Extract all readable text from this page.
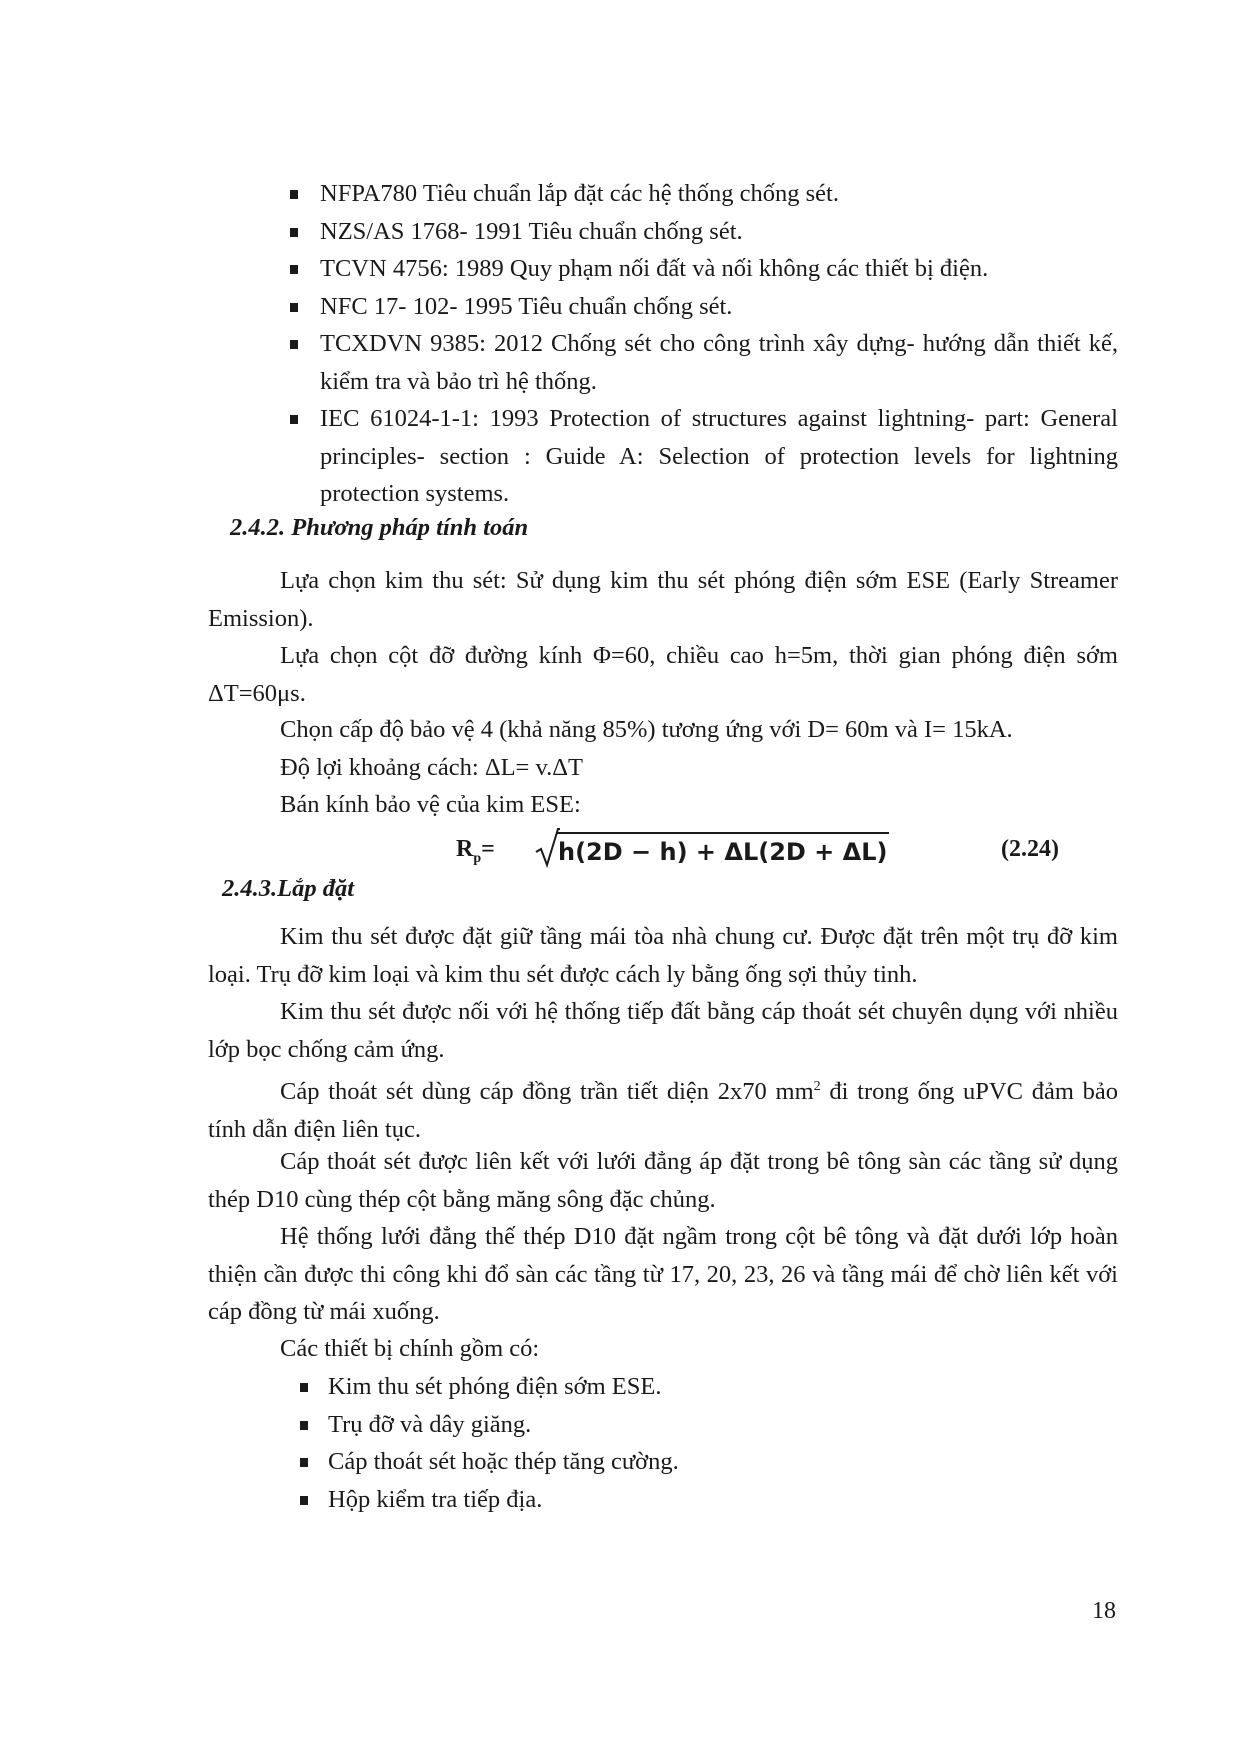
NFPA780 Tiêu chuẩn lắp đặt các hệ thống chống sét.
NZS/AS 1768- 1991 Tiêu chuẩn chống sét.
TCVN 4756: 1989 Quy phạm nối đất và nối không các thiết bị điện.
NFC 17- 102- 1995 Tiêu chuẩn chống sét.
TCXDVN 9385: 2012 Chống sét cho công trình xây dựng- hướng dẫn thiết kế, kiểm tra và bảo trì hệ thống.
IEC 61024-1-1: 1993 Protection of structures against lightning- part: General principles- section : Guide A: Selection of protection levels for lightning protection systems.
2.4.2. Phương pháp tính toán
Lựa chọn kim thu sét: Sử dụng kim thu sét phóng điện sớm ESE (Early Streamer Emission).
Lựa chọn cột đỡ đường kính Φ=60, chiều cao h=5m, thời gian phóng điện sớm ΔT=60μs.
Chọn cấp độ bảo vệ 4 (khả năng 85%) tương ứng với D= 60m và I= 15kA.
Độ lợi khoảng cách: ΔL= v.ΔT
Bán kính bảo vệ của kim ESE:
$R_p=$	h(2D − h) + ΔL(2D + ΔL)	(2.24)
2.4.3.Lắp đặt
Kim thu sét được đặt giữ tầng mái tòa nhà chung cư. Được đặt trên một trụ đỡ kim loại. Trụ đỡ kim loại và kim thu sét được cách ly bằng ống sợi thủy tinh.
Kim thu sét được nối với hệ thống tiếp đất bằng cáp thoát sét chuyên dụng với nhiều lớp bọc chống cảm ứng.
Cáp thoát sét dùng cáp đồng trần tiết diện 2x70 $mm^2$ đi trong ống uPVC đảm bảo tính dẫn điện liên tục.
Cáp thoát sét được liên kết với lưới đẳng áp đặt trong bê tông sàn các tầng sử dụng thép D10 cùng thép cột bằng măng sông đặc chủng.
Hệ thống lưới đẳng thế thép D10 đặt ngầm trong cột bê tông và đặt dưới lớp hoàn thiện cần được thi công khi đổ sàn các tầng từ 17, 20, 23, 26 và tầng mái để chờ liên kết với cáp đồng từ mái xuống.
Các thiết bị chính gồm có:
Kim thu sét phóng điện sớm ESE.
Trụ đỡ và dây giăng.
Cáp thoát sét hoặc thép tăng cường.
Hộp kiểm tra tiếp địa.
18
